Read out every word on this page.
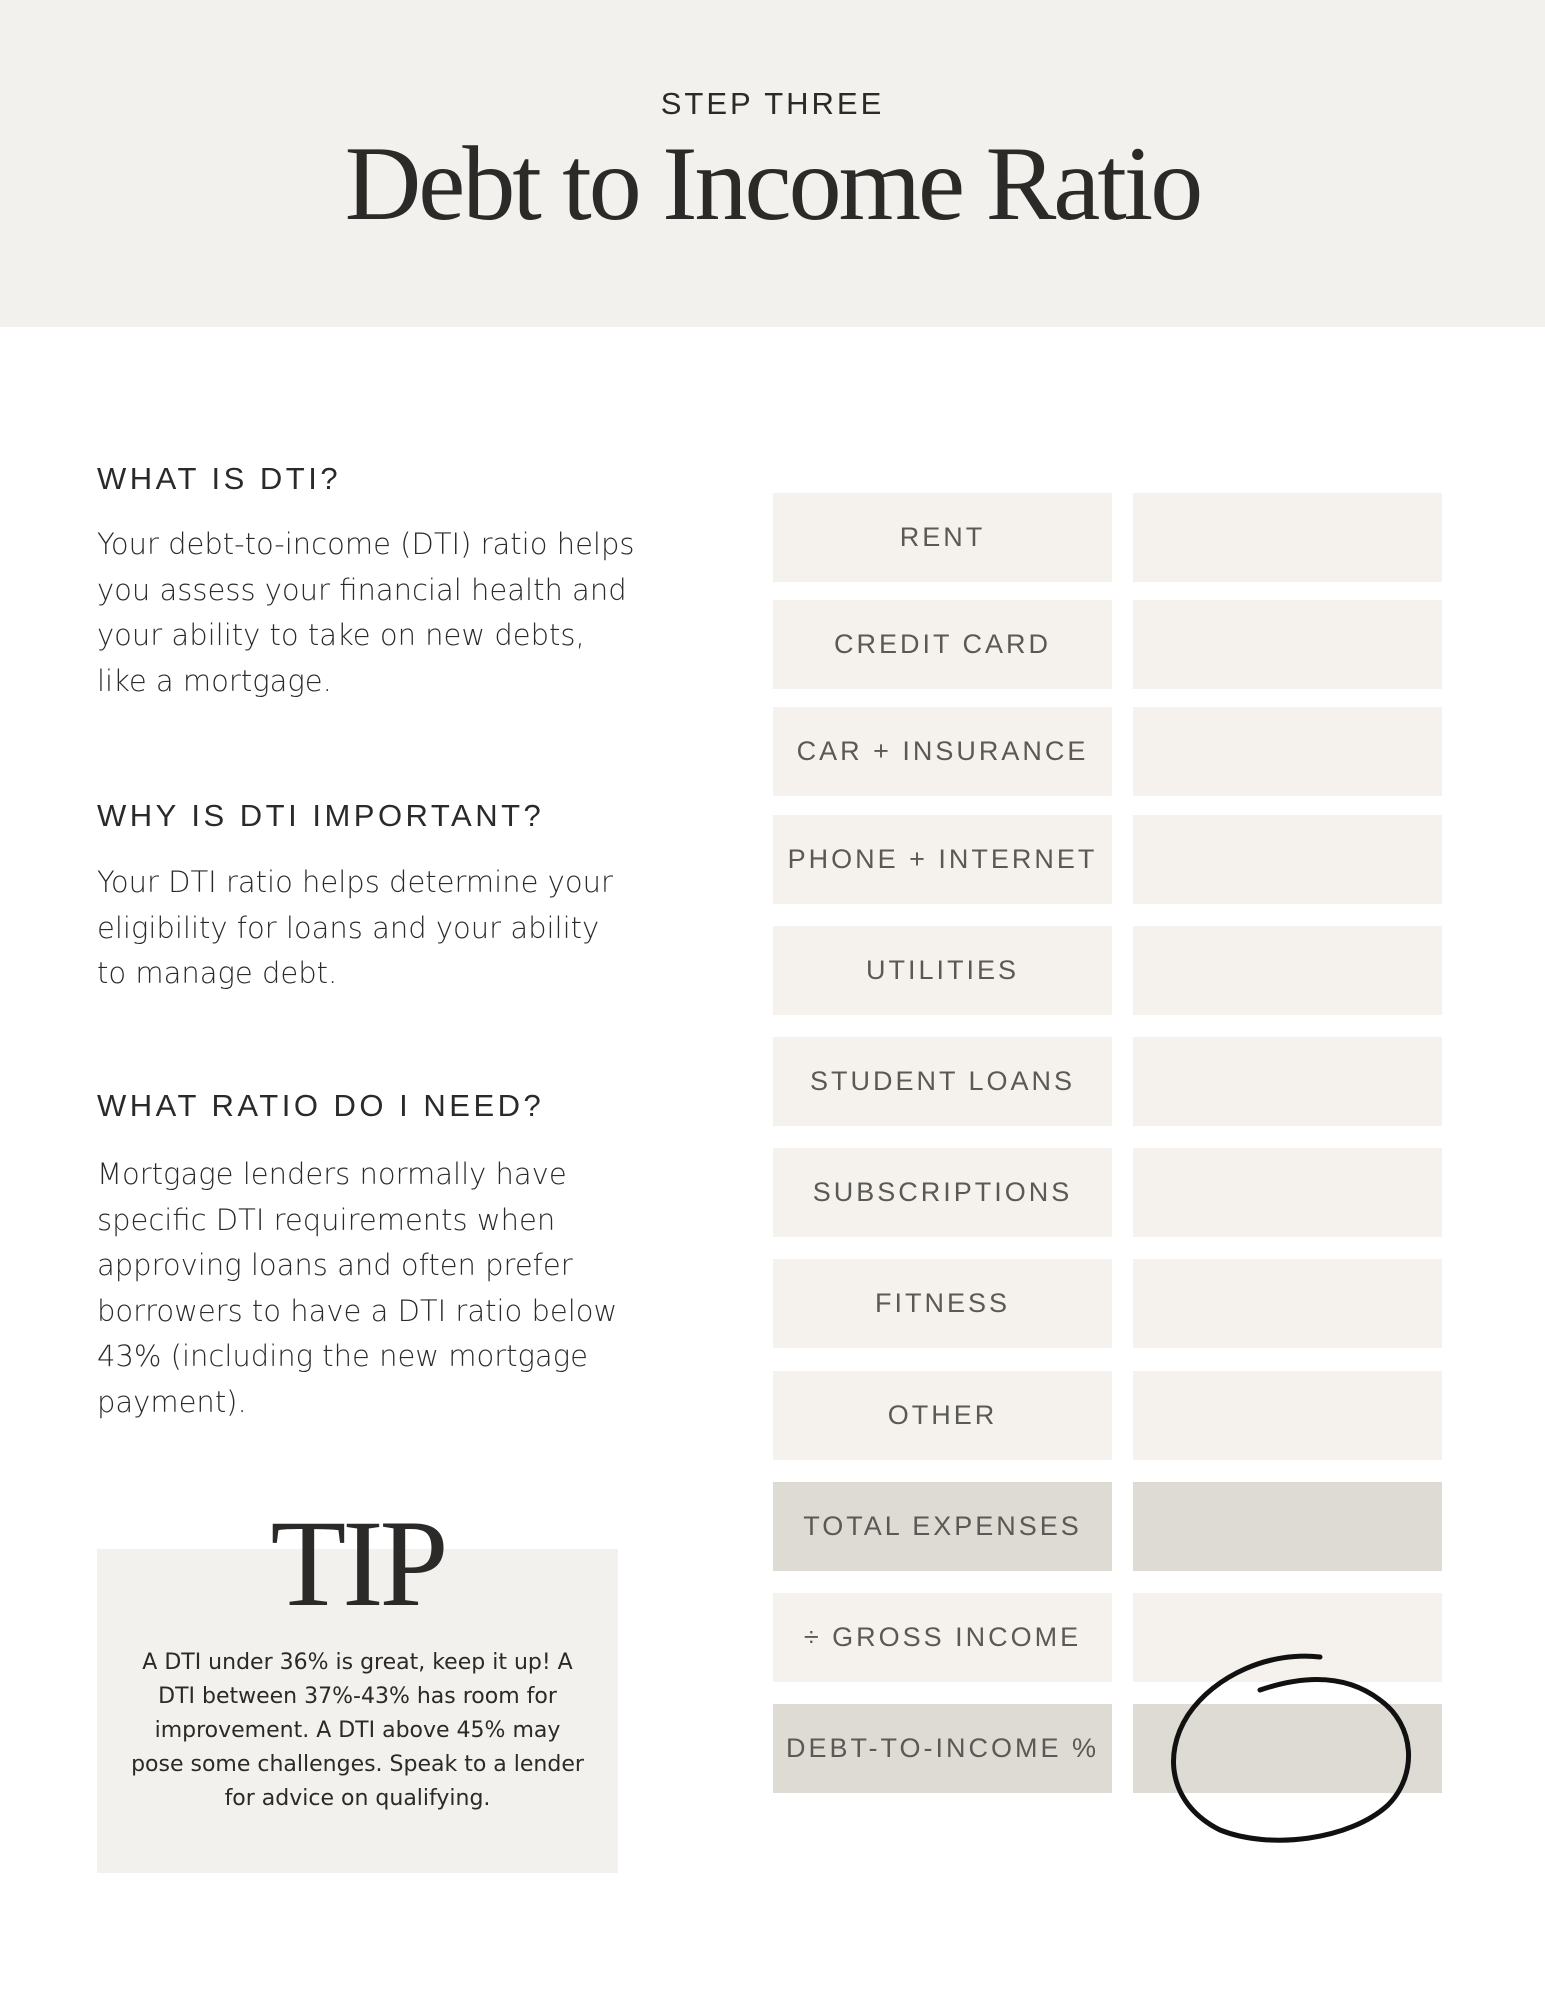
STEP THREE
Debt to Income Ratio
WHAT IS DTI?
Your debt-to-income (DTI) ratio helps you assess your financial health and your ability to take on new debts, like a mortgage.
WHY IS DTI IMPORTANT?
Your DTI ratio helps determine your eligibility for loans and your ability to manage debt.
WHAT RATIO DO I NEED?
Mortgage lenders normally have specific DTI requirements when approving loans and often prefer borrowers to have a DTI ratio below 43% (including the new mortgage payment).
TIP
A DTI under 36% is great, keep it up! A DTI between 37%-43% has room for improvement. A DTI above 45% may pose some challenges. Speak to a lender for advice on qualifying.
RENT
CREDIT CARD
CAR + INSURANCE
PHONE + INTERNET
UTILITIES
STUDENT LOANS
SUBSCRIPTIONS
FITNESS
OTHER
TOTAL EXPENSES
÷ GROSS INCOME
DEBT-TO-INCOME %
